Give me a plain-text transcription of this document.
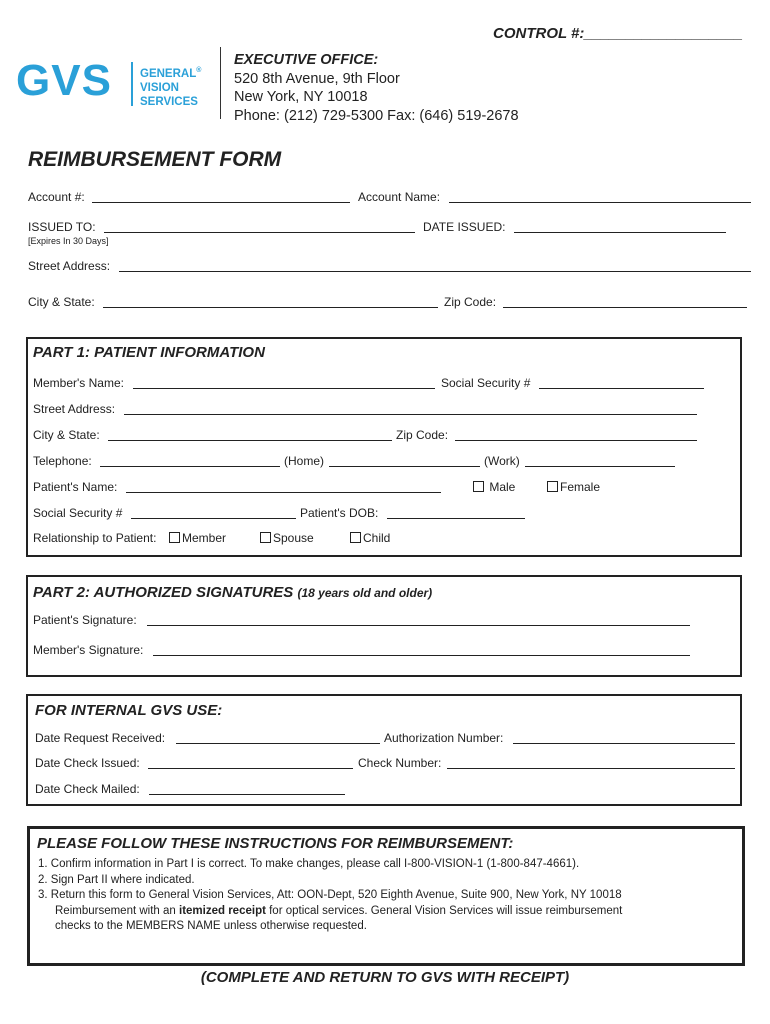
CONTROL #:___________________
GVS GENERAL®
VISION
SERVICES
EXECUTIVE OFFICE:
520 8th Avenue, 9th Floor
New York, NY 10018
Phone: (212) 729-5300 Fax: (646) 519-2678
REIMBURSEMENT FORM
Account #:	Account Name:
ISSUED TO:
[Expires In 30 Days]
DATE ISSUED:
Street Address:
City & State:	Zip Code:
PART 1: PATIENT INFORMATION
Member's Name:	Social Security #
Street Address:
City & State:	Zip Code:
Telephone:	(Home)	(Work)
Patient's Name:	Male	Female
Social Security #	Patient's DOB:
Relationship to Patient:	Member	Spouse	Child
PART 2: AUTHORIZED SIGNATURES (18 years old and older)
Patient's Signature:
Member's Signature:
FOR INTERNAL GVS USE:
Date Request Received:	Authorization Number:
Date Check Issued:	Check Number:
Date Check Mailed:
PLEASE FOLLOW THESE INSTRUCTIONS FOR REIMBURSEMENT:
1. Confirm information in Part I is correct. To make changes, please call I-800-VISION-1 (1-800-847-4661).
2. Sign Part II where indicated.
3. Return this form to General Vision Services, Att: OON-Dept, 520 Eighth Avenue, Suite 900, New York, NY 10018
Reimbursement with an itemized receipt for optical services. General Vision Services will issue reimbursement
checks to the MEMBERS NAME unless otherwise requested.
(COMPLETE AND RETURN TO GVS WITH RECEIPT)
